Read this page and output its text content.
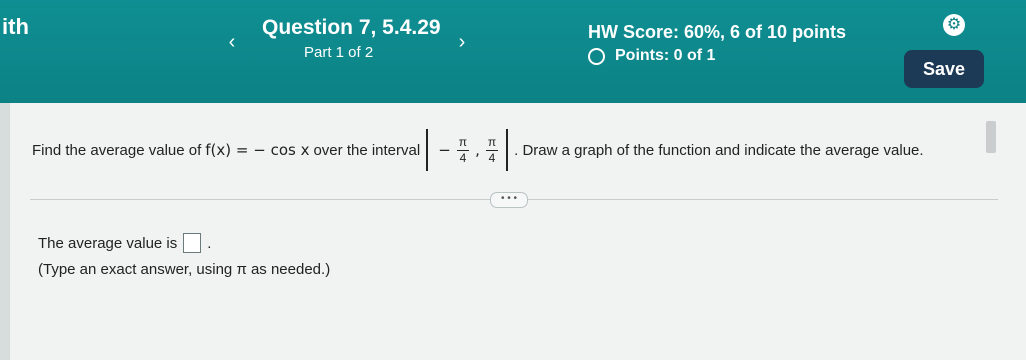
ith
‹
Question 7, 5.4.29
›
Part 1 of 2
HW Score: 60%, 6 of 10 points
Points: 0 of 1
⚙
Save
Find the average value of f(x) = − cos x over the interval − $\frac{\pi}{4}$ , $\frac{\pi}{4}$ . Draw a graph of the function and indicate the average value.
• • •
The average value is .
(Type an exact answer, using π as needed.)
